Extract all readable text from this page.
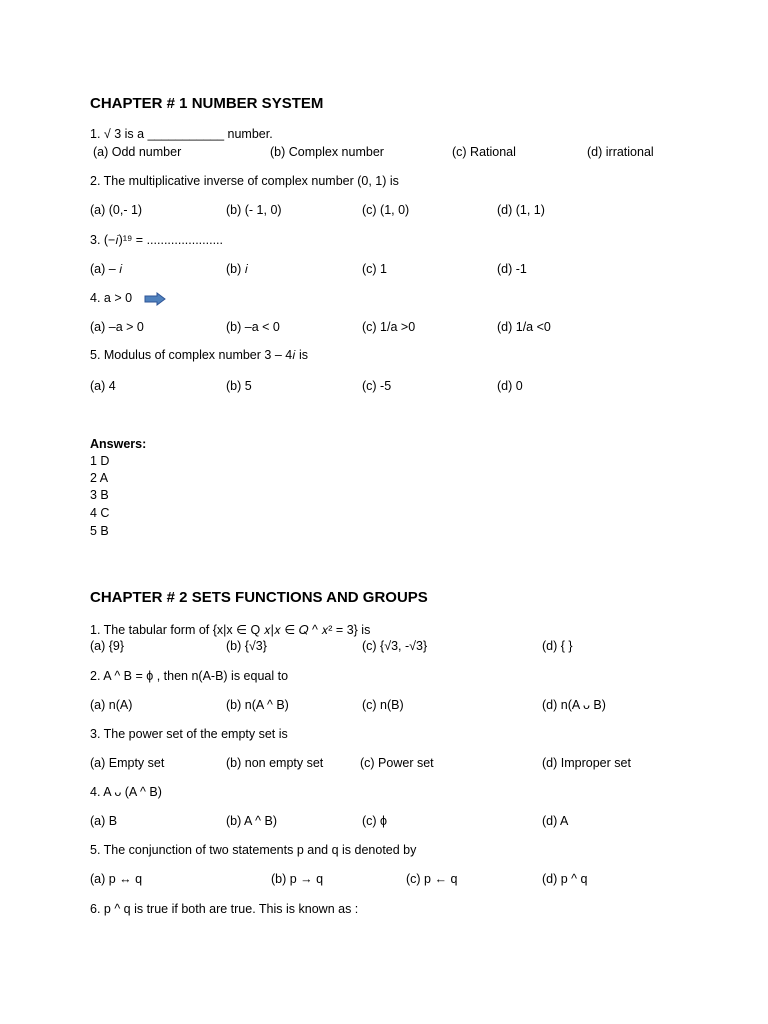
CHAPTER # 1 NUMBER SYSTEM
1. √ 3 is a ___________ number.
(a) Odd number	(b) Complex number	(c) Rational	(d) irrational
2. The multiplicative inverse of complex number (0, 1) is
(a) (0,- 1)	(b) (- 1, 0)	(c) (1, 0)	(d) (1, 1)
3. (−𝑖)¹⁹ = ......................
(a) – 𝑖	(b) 𝑖	(c) 1	(d) -1
4. a > 0
(a) –a > 0	(b) –a < 0	(c) 1/a >0	(d) 1/a <0
5. Modulus of complex number 3 – 4𝑖 is
(a) 4	(b) 5	(c) -5	(d) 0
Answers:
1 D
2 A
3 B
4 C
5 B
CHAPTER # 2 SETS FUNCTIONS AND GROUPS
1. The tabular form of {x|x ∈ Q 𝑥|𝑥 ∈ 𝑄 ^ 𝑥² = 3} is
(a) {9}	(b) {√3}	(c) {√3, -√3}	(d) { }
2. A ^ B = ϕ , then n(A-B) is equal to
(a) n(A)	(b) n(A ^ B)	(c) n(B)	(d) n(A ᴗ B)
3. The power set of the empty set is
(a) Empty set	(b) non empty set	(c) Power set	(d) Improper set
4. A ᴗ (A ^ B)
(a) B	(b) A ^ B)	(c) ϕ	(d) A
5. The conjunction of two statements p and q is denoted by
(a) p ↔ q	(b) p → q	(c) p ← q	(d) p ^ q
6. p ^ q is true if both are true. This is known as :
